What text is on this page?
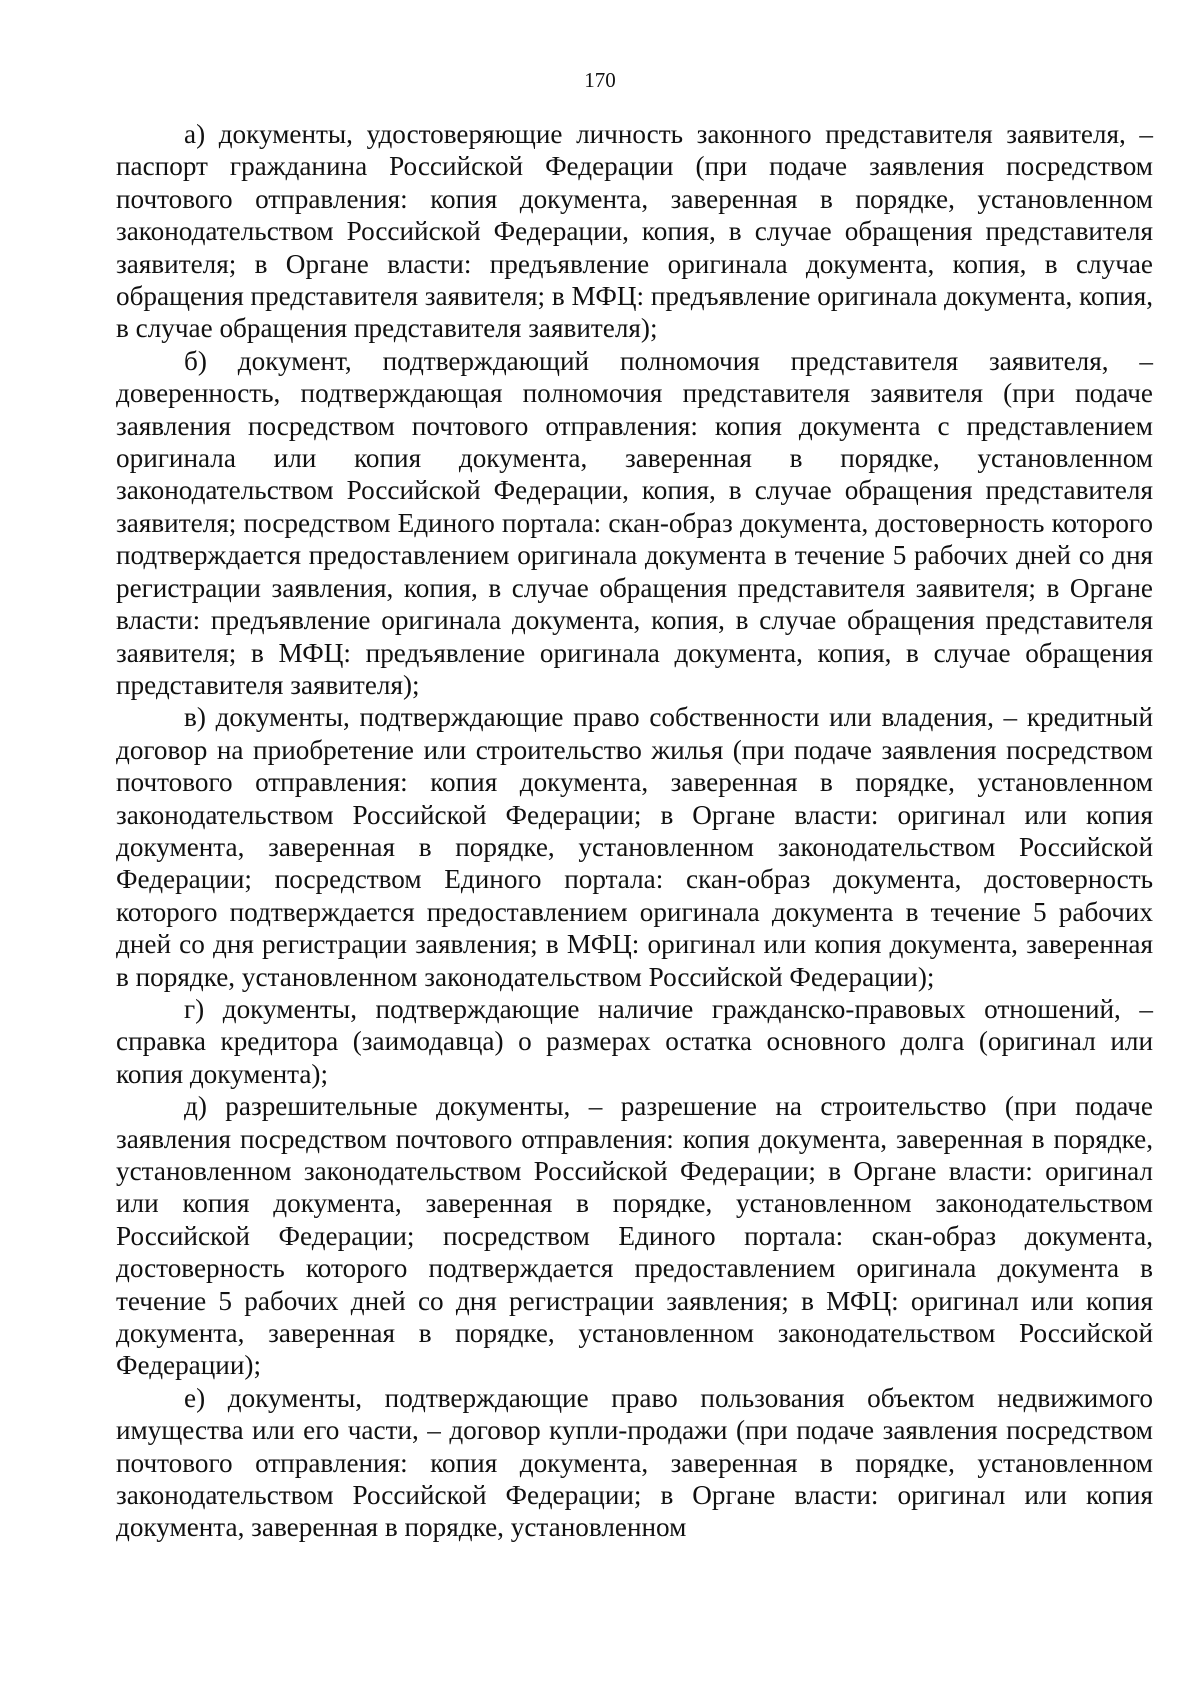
170

а) документы, удостоверяющие личность законного представителя заявителя, – паспорт гражданина Российской Федерации (при подаче заявления посредством почтового отправления: копия документа, заверенная в порядке, установленном законодательством Российской Федерации, копия, в случае обращения представителя заявителя; в Органе власти: предъявление оригинала документа, копия, в случае обращения представителя заявителя; в МФЦ: предъявление оригинала документа, копия, в случае обращения представителя заявителя);

б) документ, подтверждающий полномочия представителя заявителя, – доверенность, подтверждающая полномочия представителя заявителя (при подаче заявления посредством почтового отправления: копия документа с представлением оригинала или копия документа, заверенная в порядке, установленном законодательством Российской Федерации, копия, в случае обращения представителя заявителя; посредством Единого портала: скан-образ документа, достоверность которого подтверждается предоставлением оригинала документа в течение 5 рабочих дней со дня регистрации заявления, копия, в случае обращения представителя заявителя; в Органе власти: предъявление оригинала документа, копия, в случае обращения представителя заявителя; в МФЦ: предъявление оригинала документа, копия, в случае обращения представителя заявителя);

в) документы, подтверждающие право собственности или владения, – кредитный договор на приобретение или строительство жилья (при подаче заявления посредством почтового отправления: копия документа, заверенная в порядке, установленном законодательством Российской Федерации; в Органе власти: оригинал или копия документа, заверенная в порядке, установленном законодательством Российской Федерации; посредством Единого портала: скан-образ документа, достоверность которого подтверждается предоставлением оригинала документа в течение 5 рабочих дней со дня регистрации заявления; в МФЦ: оригинал или копия документа, заверенная в порядке, установленном законодательством Российской Федерации);

г) документы, подтверждающие наличие гражданско-правовых отношений, – справка кредитора (заимодавца) о размерах остатка основного долга (оригинал или копия документа);

д) разрешительные документы, – разрешение на строительство (при подаче заявления посредством почтового отправления: копия документа, заверенная в порядке, установленном законодательством Российской Федерации; в Органе власти: оригинал или копия документа, заверенная в порядке, установленном законодательством Российской Федерации; посредством Единого портала: скан-образ документа, достоверность которого подтверждается предоставлением оригинала документа в течение 5 рабочих дней со дня регистрации заявления; в МФЦ: оригинал или копия документа, заверенная в порядке, установленном законодательством Российской Федерации);

е) документы, подтверждающие право пользования объектом недвижимого имущества или его части, – договор купли-продажи (при подаче заявления посредством почтового отправления: копия документа, заверенная в порядке, установленном законодательством Российской Федерации; в Органе власти: оригинал или копия документа, заверенная в порядке, установленном
